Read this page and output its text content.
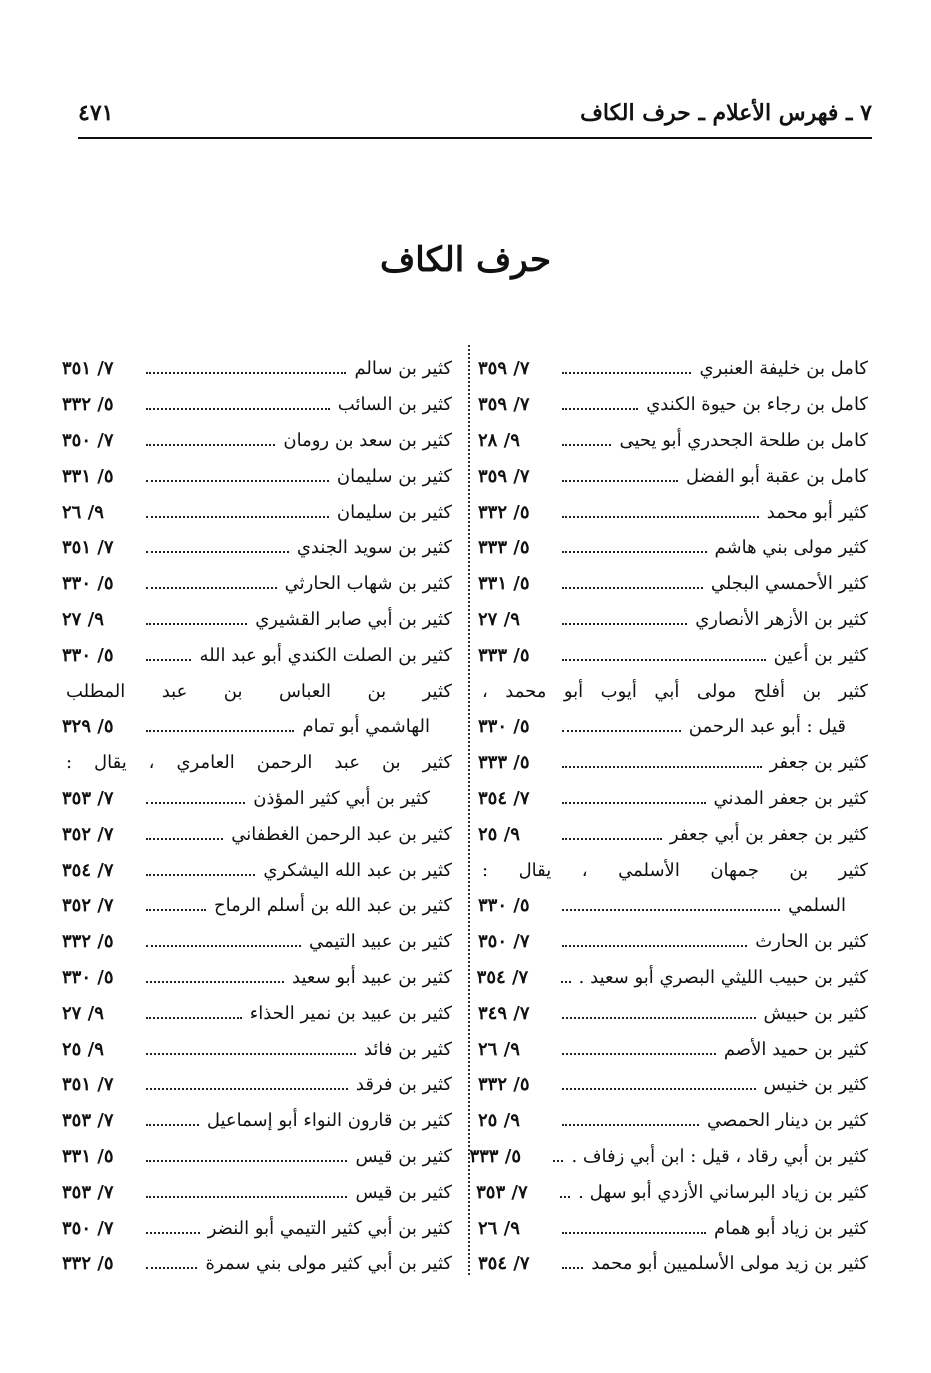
٧ ـ فهرس الأعلام ـ حرف الكاف
٤٧١
حرف الكاف
كامل بن خليفة العنبري
٧/ ٣٥٩
كامل بن رجاء بن حيوة الكندي
٧/ ٣٥٩
كامل بن طلحة الجحدري أبو يحيى
٩/ ٢٨
كامل بن عقبة أبو الفضل
٧/ ٣٥٩
كثير أبو محمد
٥/ ٣٣٢
كثير مولى بني هاشم
٥/ ٣٣٣
كثير الأحمسي البجلي
٥/ ٣٣١
كثير بن الأزهر الأنصاري
٩/ ٢٧
كثير بن أعين
٥/ ٣٣٣
كثير بن أفلح مولى أبي أيوب أبو محمد ،
قيل : أبو عبد الرحمن
٥/ ٣٣٠
كثير بن جعفر
٥/ ٣٣٣
كثير بن جعفر المدني
٧/ ٣٥٤
كثير بن جعفر بن أبي جعفر
٩/ ٢٥
كثير بن جمهان الأسلمي ، يقال :
السلمي
٥/ ٣٣٠
كثير بن الحارث
٧/ ٣٥٠
كثير بن حبيب الليثي البصري أبو سعيد .
٧/ ٣٥٤
كثير بن حبيش
٧/ ٣٤٩
كثير بن حميد الأصم
٩/ ٢٦
كثير بن خنيس
٥/ ٣٣٢
كثير بن دينار الحمصي
٩/ ٢٥
كثير بن أبي رقاد ، قيل : ابن أبي زفاف .
٥/ ٣٣٣
كثير بن زياد البرساني الأزدي أبو سهل .
٧/ ٣٥٣
كثير بن زياد أبو همام
٩/ ٢٦
كثير بن زيد مولى الأسلميين أبو محمد
٧/ ٣٥٤
كثير بن سالم
٧/ ٣٥١
كثير بن السائب
٥/ ٣٣٢
كثير بن سعد بن رومان
٧/ ٣٥٠
كثير بن سليمان
٥/ ٣٣١
كثير بن سليمان
٩/ ٢٦
كثير بن سويد الجندي
٧/ ٣٥١
كثير بن شهاب الحارثي
٥/ ٣٣٠
كثير بن أبي صابر القشيري
٩/ ٢٧
كثير بن الصلت الكندي أبو عبد الله
٥/ ٣٣٠
كثير بن العباس بن عبد المطلب
الهاشمي أبو تمام
٥/ ٣٢٩
كثير بن عبد الرحمن العامري ، يقال :
كثير بن أبي كثير المؤذن
٧/ ٣٥٣
كثير بن عبد الرحمن الغطفاني
٧/ ٣٥٢
كثير بن عبد الله اليشكري
٧/ ٣٥٤
كثير بن عبد الله بن أسلم الرماح
٧/ ٣٥٢
كثير بن عبيد التيمي
٥/ ٣٣٢
كثير بن عبيد أبو سعيد
٥/ ٣٣٠
كثير بن عبيد بن نمير الحذاء
٩/ ٢٧
كثير بن فائد
٩/ ٢٥
كثير بن فرقد
٧/ ٣٥١
كثير بن قارون النواء أبو إسماعيل
٧/ ٣٥٣
كثير بن قيس
٥/ ٣٣١
كثير بن قيس
٧/ ٣٥٣
كثير بن أبي كثير التيمي أبو النضر
٧/ ٣٥٠
كثير بن أبي كثير مولى بني سمرة
٥/ ٣٣٢
